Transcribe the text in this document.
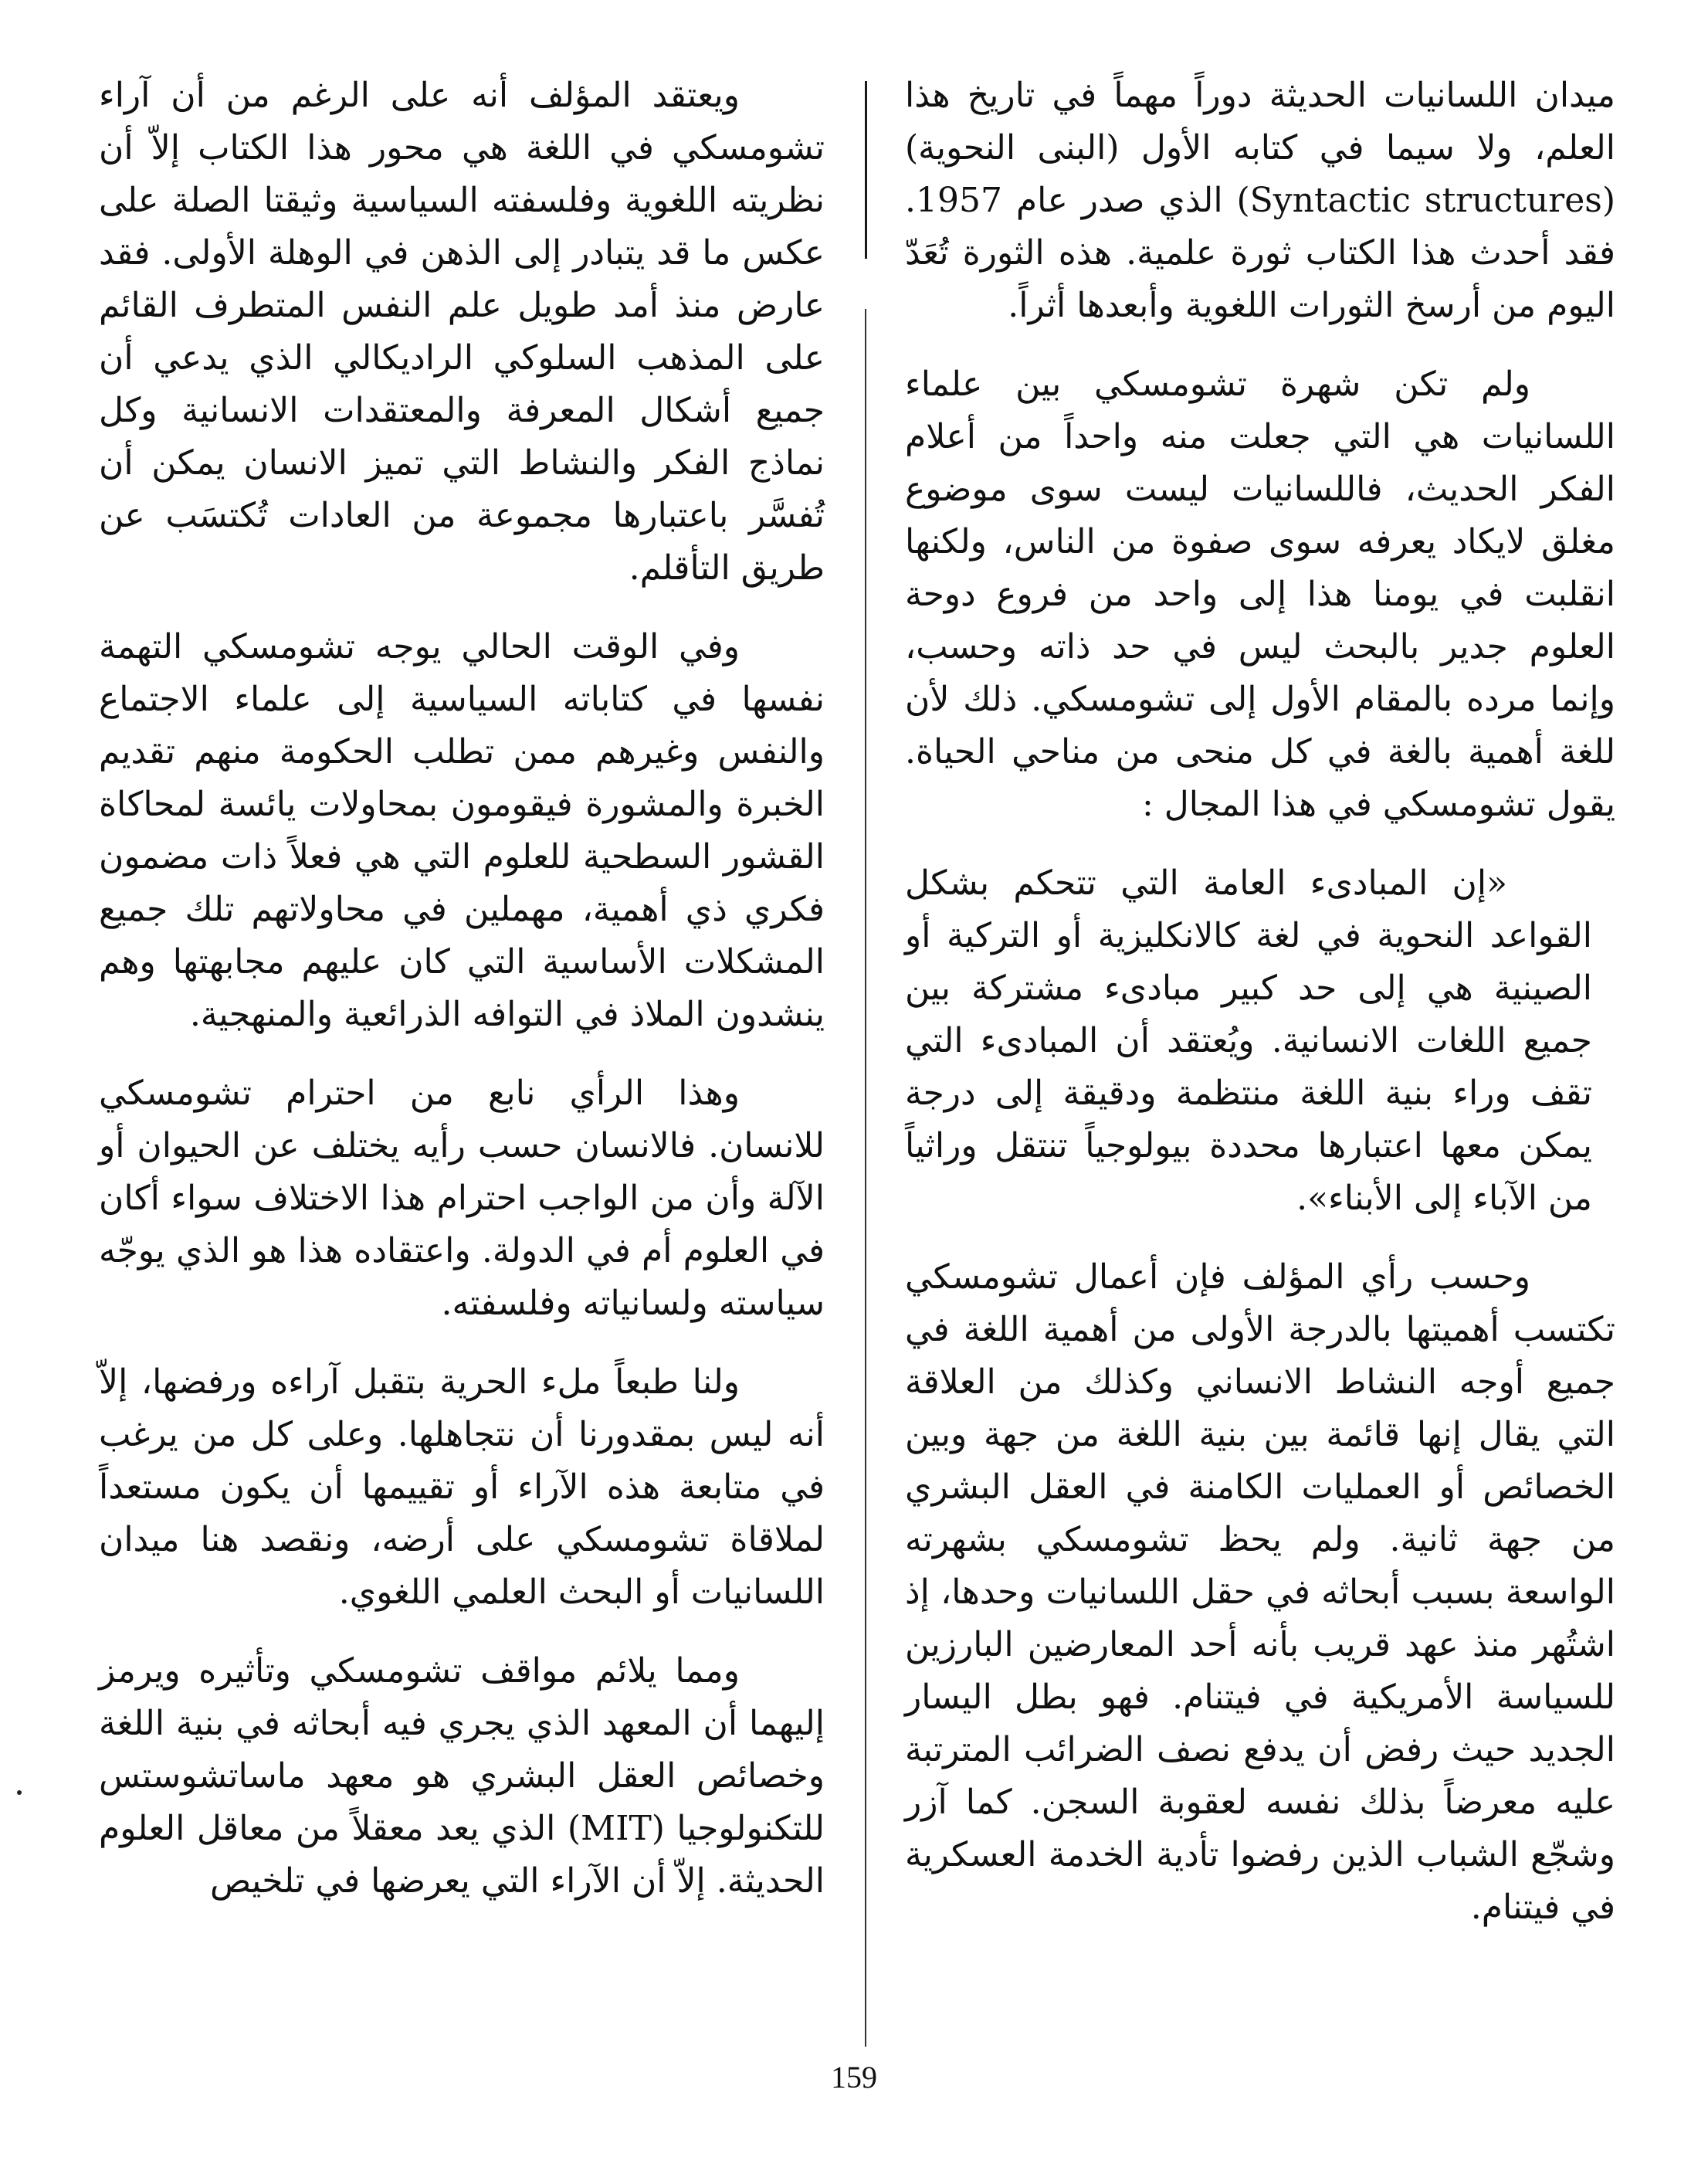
ميدان اللسانيات الحديثة دوراً مهماً في تاريخ هذا العلم، ولا سيما في كتابه الأول (البنى النحوية) (Syntactic structures) الذي صدر عام 1957. فقد أحدث هذا الكتاب ثورة علمية. هذه الثورة تُعَدّ اليوم من أرسخ الثورات اللغوية وأبعدها أثراً.

ولم تكن شهرة تشومسكي بين علماء اللسانيات هي التي جعلت منه واحداً من أعلام الفكر الحديث، فاللسانيات ليست سوى موضوع مغلق لايكاد يعرفه سوى صفوة من الناس، ولكنها انقلبت في يومنا هذا إلى واحد من فروع دوحة العلوم جدير بالبحث ليس في حد ذاته وحسب، وإنما مرده بالمقام الأول إلى تشومسكي. ذلك لأن للغة أهمية بالغة في كل منحى من مناحي الحياة. يقول تشومسكي في هذا المجال :

«إن المبادىء العامة التي تتحكم بشكل القواعد النحوية في لغة كالانكليزية أو التركية أو الصينية هي إلى حد كبير مبادىء مشتركة بين جميع اللغات الانسانية. ويُعتقد أن المبادىء التي تقف وراء بنية اللغة منتظمة ودقيقة إلى درجة يمكن معها اعتبارها محددة بيولوجياً تنتقل وراثياً من الآباء إلى الأبناء».

وحسب رأي المؤلف فإن أعمال تشومسكي تكتسب أهميتها بالدرجة الأولى من أهمية اللغة في جميع أوجه النشاط الانساني وكذلك من العلاقة التي يقال إنها قائمة بين بنية اللغة من جهة وبين الخصائص أو العمليات الكامنة في العقل البشري من جهة ثانية. ولم يحظ تشومسكي بشهرته الواسعة بسبب أبحاثه في حقل اللسانيات وحدها، إذ اشتُهر منذ عهد قريب بأنه أحد المعارضين البارزين للسياسة الأمريكية في فيتنام. فهو بطل اليسار الجديد حيث رفض أن يدفع نصف الضرائب المترتبة عليه معرضاً بذلك نفسه لعقوبة السجن. كما آزر وشجّع الشباب الذين رفضوا تأدية الخدمة العسكرية في فيتنام.

ويعتقد المؤلف أنه على الرغم من أن آراء تشومسكي في اللغة هي محور هذا الكتاب إلاّ أن نظريته اللغوية وفلسفته السياسية وثيقتا الصلة على عكس ما قد يتبادر إلى الذهن في الوهلة الأولى. فقد عارض منذ أمد طويل علم النفس المتطرف القائم على المذهب السلوكي الراديكالي الذي يدعي أن جميع أشكال المعرفة والمعتقدات الانسانية وكل نماذج الفكر والنشاط التي تميز الانسان يمكن أن تُفسَّر باعتبارها مجموعة من العادات تُكتسَب عن طريق التأقلم.

وفي الوقت الحالي يوجه تشومسكي التهمة نفسها في كتاباته السياسية إلى علماء الاجتماع والنفس وغيرهم ممن تطلب الحكومة منهم تقديم الخبرة والمشورة فيقومون بمحاولات يائسة لمحاكاة القشور السطحية للعلوم التي هي فعلاً ذات مضمون فكري ذي أهمية، مهملين في محاولاتهم تلك جميع المشكلات الأساسية التي كان عليهم مجابهتها وهم ينشدون الملاذ في التوافه الذرائعية والمنهجية.

وهذا الرأي نابع من احترام تشومسكي للانسان. فالانسان حسب رأيه يختلف عن الحيوان أو الآلة وأن من الواجب احترام هذا الاختلاف سواء أكان في العلوم أم في الدولة. واعتقاده هذا هو الذي يوجّه سياسته ولسانياته وفلسفته.

ولنا طبعاً ملء الحرية بتقبل آراءه ورفضها، إلاّ أنه ليس بمقدورنا أن نتجاهلها. وعلى كل من يرغب في متابعة هذه الآراء أو تقييمها أن يكون مستعداً لملاقاة تشومسكي على أرضه، ونقصد هنا ميدان اللسانيات أو البحث العلمي اللغوي.

ومما يلائم مواقف تشومسكي وتأثيره ويرمز إليهما أن المعهد الذي يجري فيه أبحاثه في بنية اللغة وخصائص العقل البشري هو معهد ماساتشوستس للتكنولوجيا (MIT) الذي يعد معقلاً من معاقل العلوم الحديثة. إلاّ أن الآراء التي يعرضها في تلخيص

159
